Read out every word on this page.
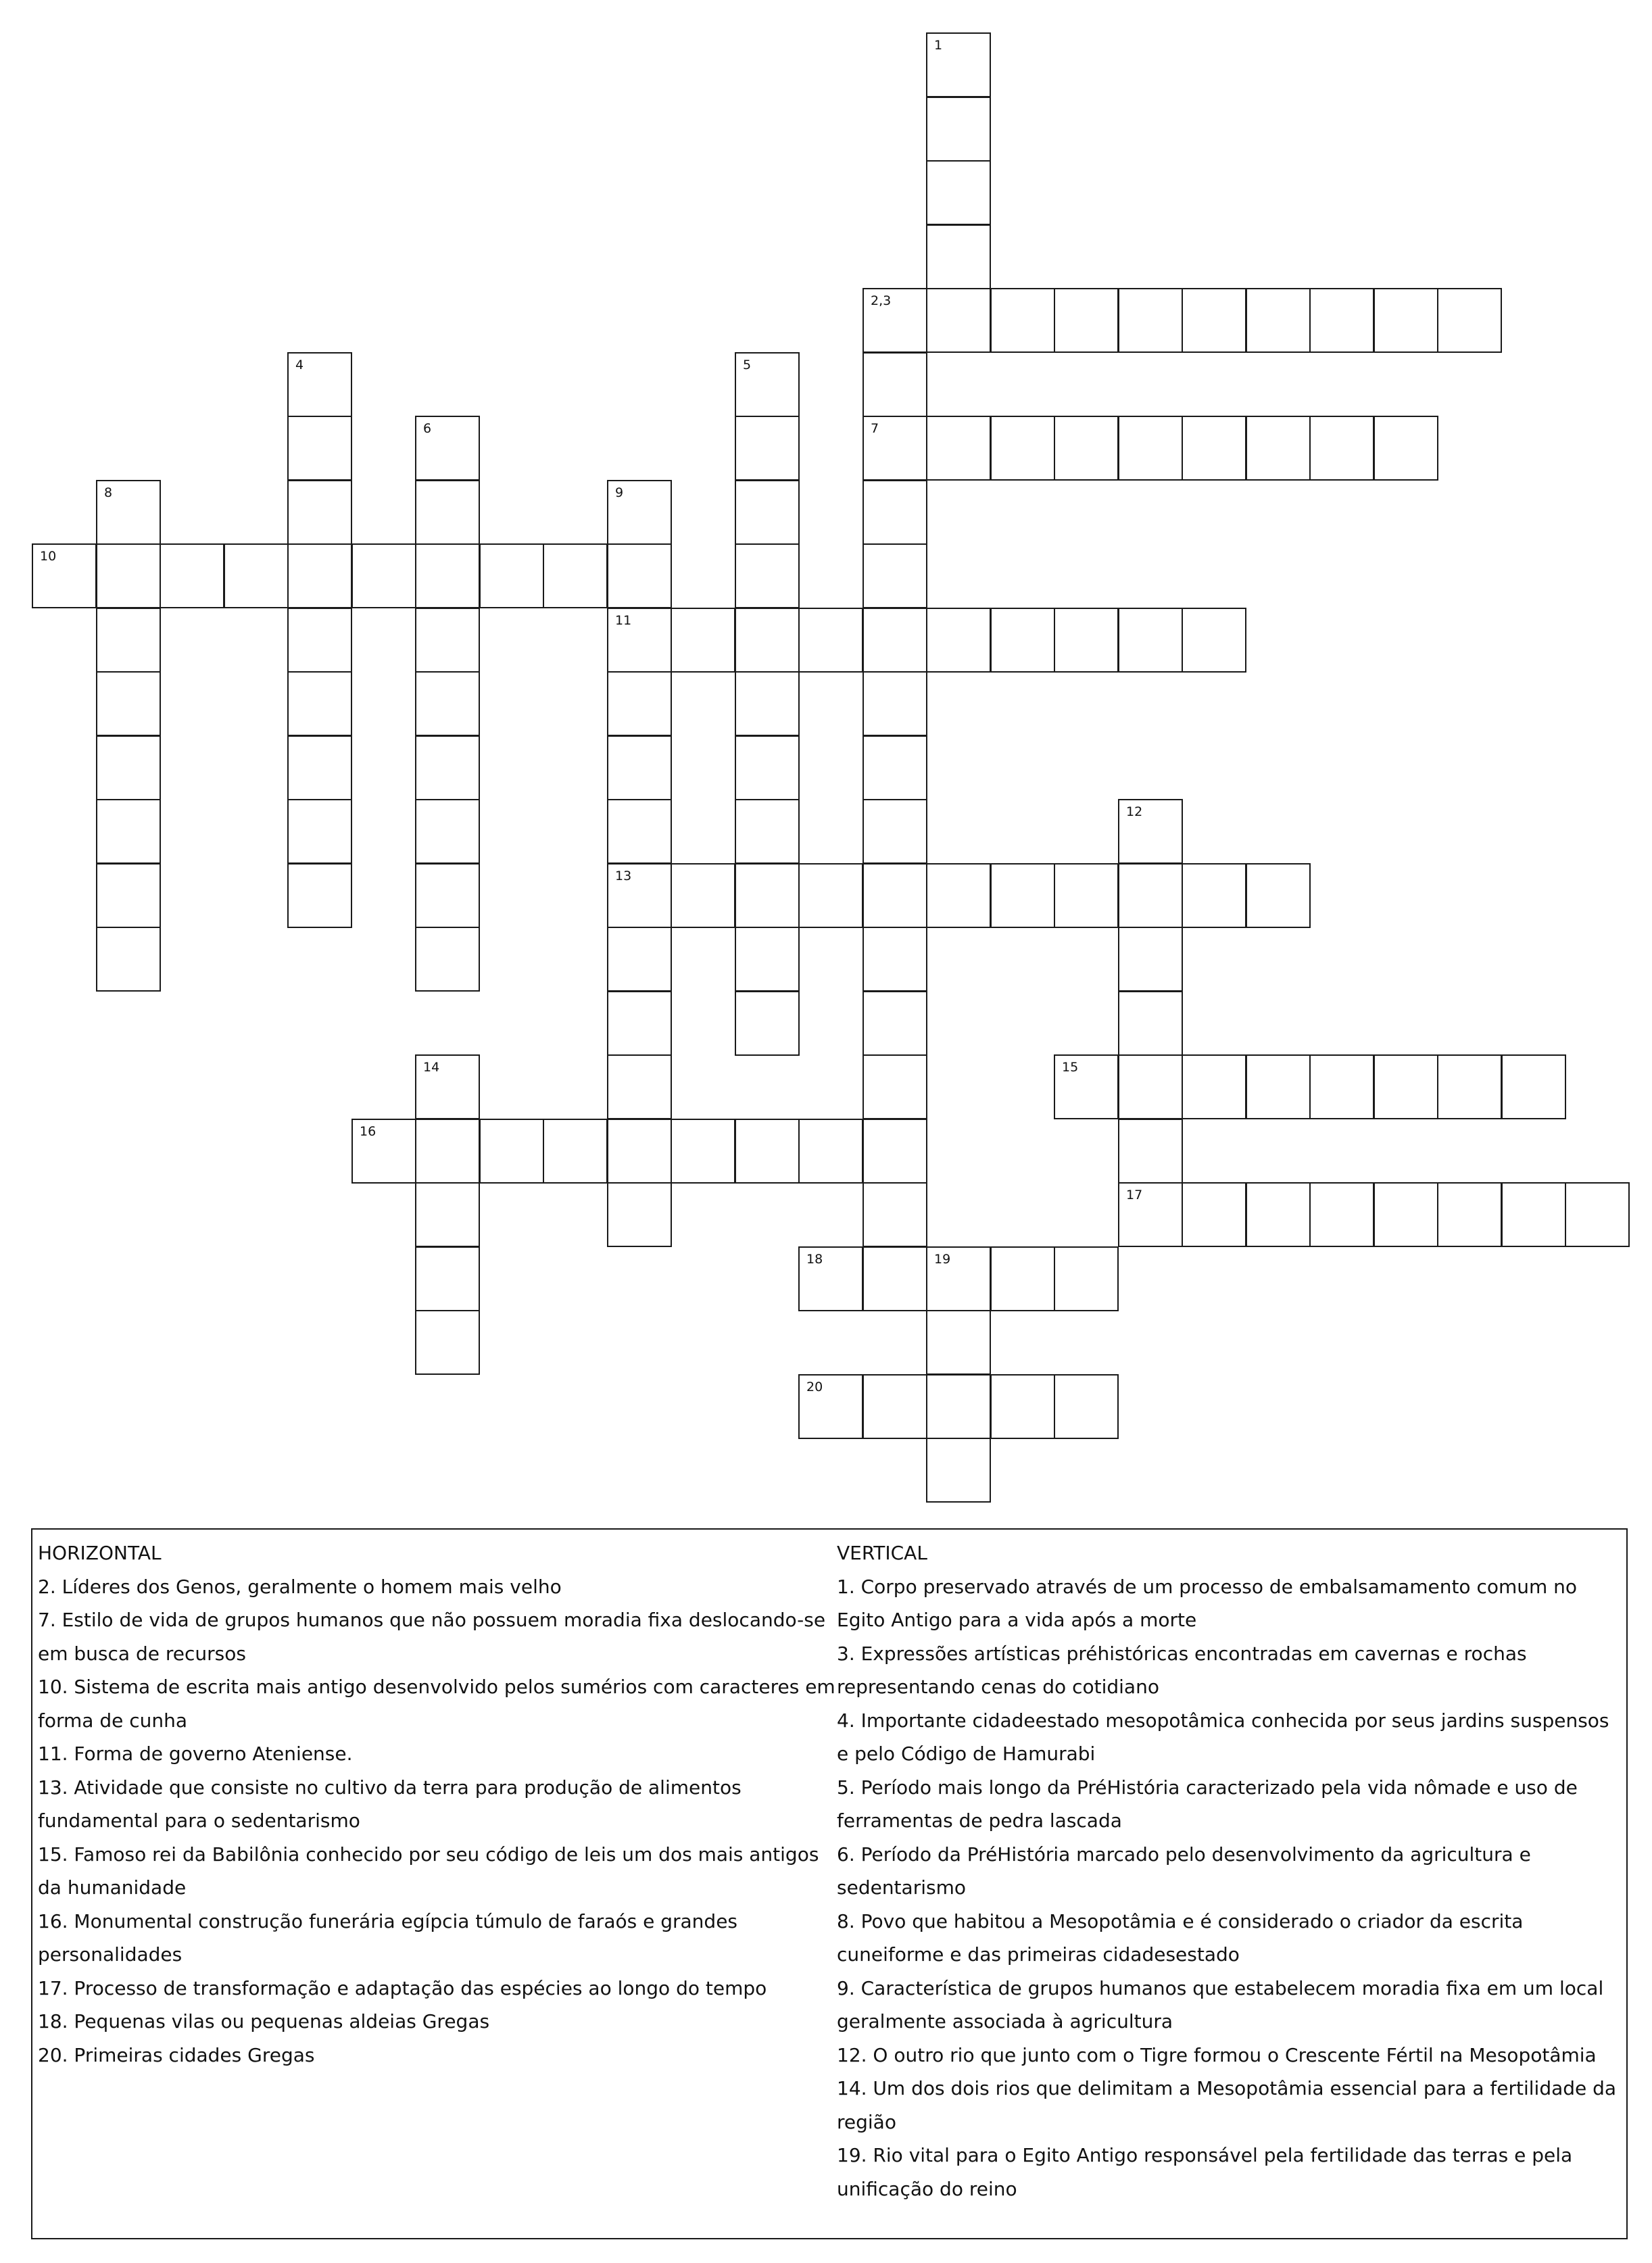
1
2,3
4	5
6	7
8	9
10
11
12
13
14	15
16
17
18	19
20

HORIZONTAL

2. Líderes dos Genos, geralmente o homem mais velho

7. Estilo de vida de grupos humanos que não possuem moradia fixa deslocando-se em busca de recursos

10. Sistema de escrita mais antigo desenvolvido pelos sumérios com caracteres em forma de cunha

11. Forma de governo Ateniense.

13. Atividade que consiste no cultivo da terra para produção de alimentos fundamental para o sedentarismo

15. Famoso rei da Babilônia conhecido por seu código de leis um dos mais antigos da humanidade

16. Monumental construção funerária egípcia túmulo de faraós e grandes personalidades

17. Processo de transformação e adaptação das espécies ao longo do tempo

18. Pequenas vilas ou pequenas aldeias Gregas

20. Primeiras cidades Gregas

VERTICAL

1. Corpo preservado através de um processo de embalsamamento comum no Egito Antigo para a vida após a morte

3. Expressões artísticas préhistóricas encontradas em cavernas e rochas representando cenas do cotidiano

4. Importante cidadeestado mesopotâmica conhecida por seus jardins suspensos e pelo Código de Hamurabi

5. Período mais longo da PréHistória caracterizado pela vida nômade e uso de ferramentas de pedra lascada

6. Período da PréHistória marcado pelo desenvolvimento da agricultura e sedentarismo

8. Povo que habitou a Mesopotâmia e é considerado o criador da escrita cuneiforme e das primeiras cidadesestado

9. Característica de grupos humanos que estabelecem moradia fixa em um local geralmente associada à agricultura

12. O outro rio que junto com o Tigre formou o Crescente Fértil na Mesopotâmia

14. Um dos dois rios que delimitam a Mesopotâmia essencial para a fertilidade da região

19. Rio vital para o Egito Antigo responsável pela fertilidade das terras e pela unificação do reino
